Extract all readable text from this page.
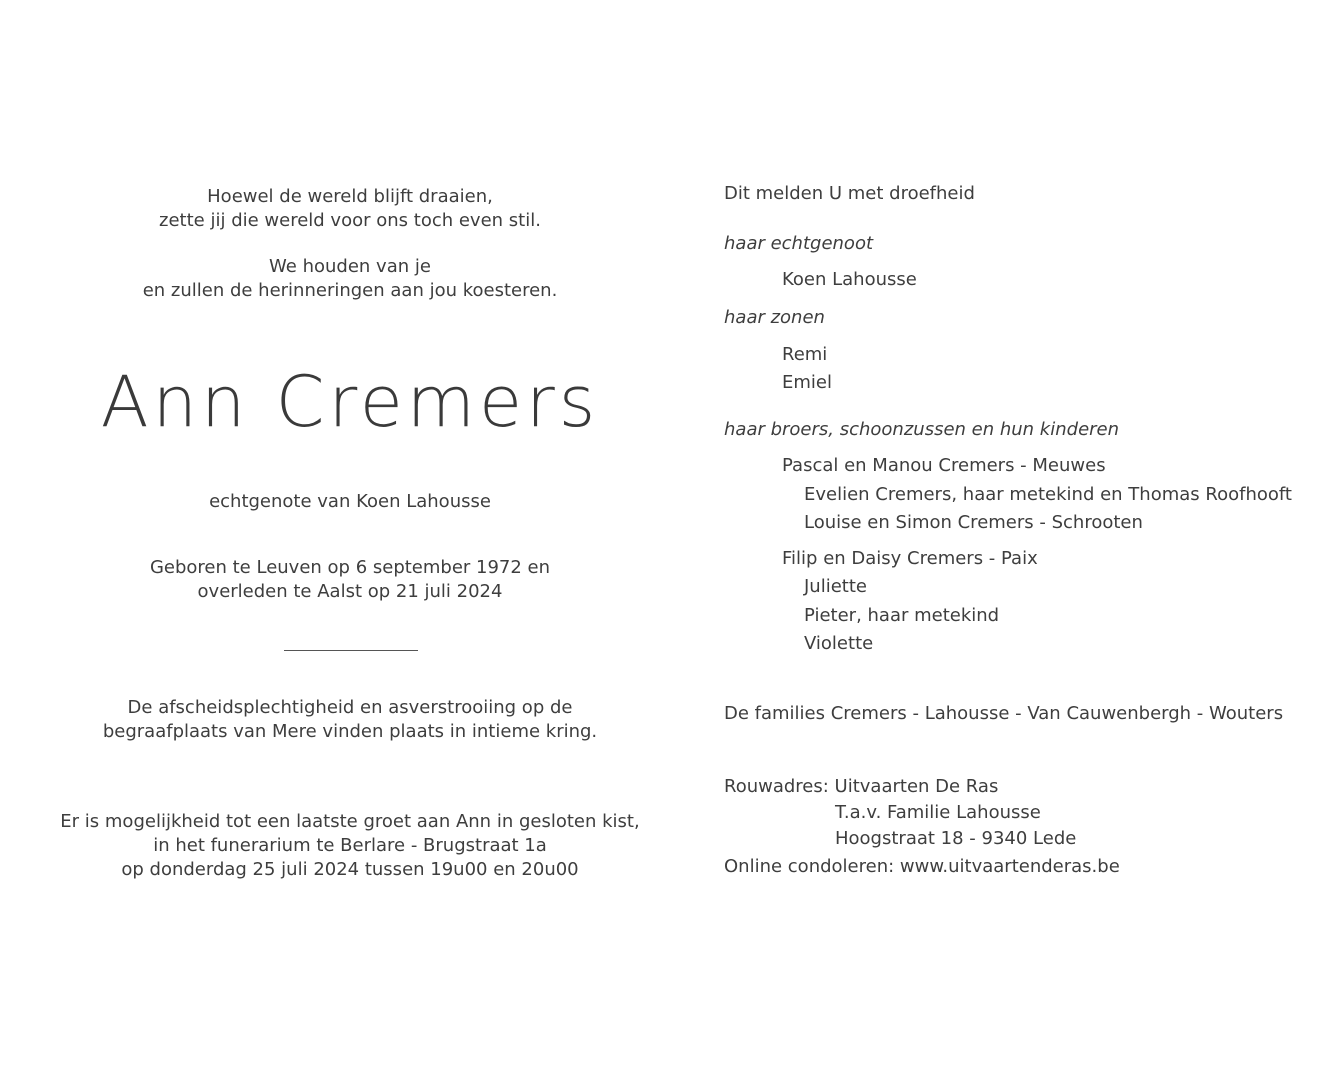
Hoewel de wereld blijft draaien,

zette jij die wereld voor ons toch even stil.

We houden van je

en zullen de herinneringen aan jou koesteren.

Ann Cremers

echtgenote van Koen Lahousse

Geboren te Leuven op 6 september 1972 en

overleden te Aalst op 21 juli 2024

De afscheidsplechtigheid en asverstrooiing op de

begraafplaats van Mere vinden plaats in intieme kring.

Er is mogelijkheid tot een laatste groet aan Ann in gesloten kist,

in het funerarium te Berlare - Brugstraat 1a

op donderdag 25 juli 2024 tussen 19u00 en 20u00

Dit melden U met droefheid

haar echtgenoot

Koen Lahousse

haar zonen

Remi

Emiel

haar broers, schoonzussen en hun kinderen

Pascal en Manou Cremers - Meuwes

Evelien Cremers, haar metekind en Thomas Roofhooft

Louise en Simon Cremers - Schrooten

Filip en Daisy Cremers - Paix

Juliette

Pieter, haar metekind

Violette

De families Cremers - Lahousse - Van Cauwenbergh - Wouters

Rouwadres: Uitvaarten De Ras

T.a.v. Familie Lahousse

Hoogstraat 18 - 9340 Lede

Online condoleren: www.uitvaartenderas.be
